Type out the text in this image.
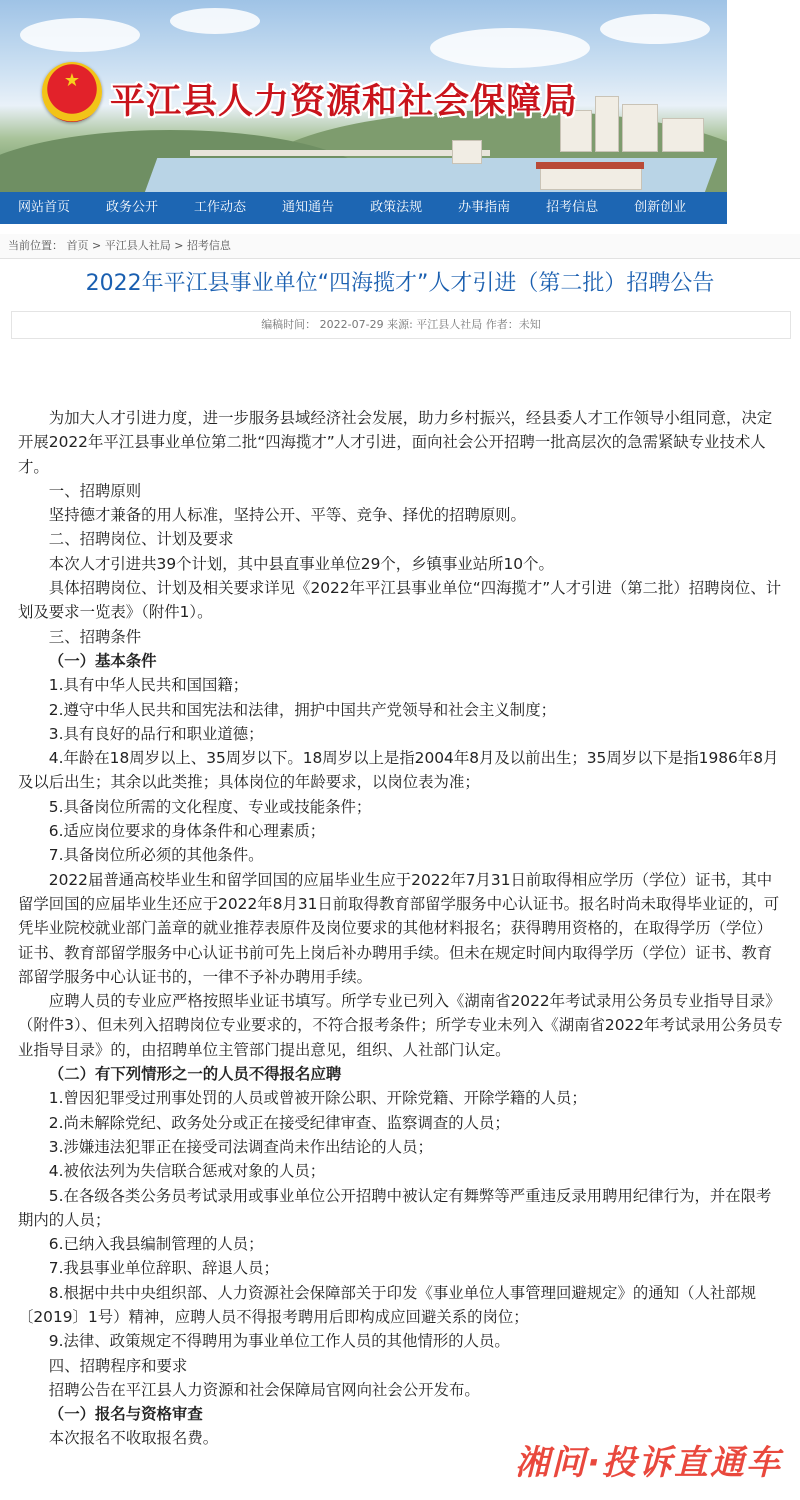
★
平江县人力资源和社会保障局
网站首页	政务公开	工作动态	通知通告	政策法规	办事指南	招考信息	创新创业
当前位置： 首页 > 平江县人社局 > 招考信息
2022年平江县事业单位“四海揽才”人才引进（第二批）招聘公告
编稿时间： 2022-07-29 来源: 平江县人社局 作者：未知

为加大人才引进力度，进一步服务县域经济社会发展，助力乡村振兴，经县委人才工作领导小组同意，决定开展2022年平江县事业单位第二批“四海揽才”人才引进，面向社会公开招聘一批高层次的急需紧缺专业技术人才。

一、招聘原则

坚持德才兼备的用人标准，坚持公开、平等、竞争、择优的招聘原则。

二、招聘岗位、计划及要求

本次人才引进共39个计划，其中县直事业单位29个，乡镇事业站所10个。

具体招聘岗位、计划及相关要求详见《2022年平江县事业单位“四海揽才”人才引进（第二批）招聘岗位、计划及要求一览表》（附件1）。

三、招聘条件

（一）基本条件

1.具有中华人民共和国国籍；

2.遵守中华人民共和国宪法和法律，拥护中国共产党领导和社会主义制度；

3.具有良好的品行和职业道德；

4.年龄在18周岁以上、35周岁以下。18周岁以上是指2004年8月及以前出生；35周岁以下是指1986年8月及以后出生；其余以此类推；具体岗位的年龄要求，以岗位表为准；

5.具备岗位所需的文化程度、专业或技能条件；

6.适应岗位要求的身体条件和心理素质；

7.具备岗位所必须的其他条件。

2022届普通高校毕业生和留学回国的应届毕业生应于2022年7月31日前取得相应学历（学位）证书，其中留学回国的应届毕业生还应于2022年8月31日前取得教育部留学服务中心认证书。报名时尚未取得毕业证的，可凭毕业院校就业部门盖章的就业推荐表原件及岗位要求的其他材料报名；获得聘用资格的，在取得学历（学位）证书、教育部留学服务中心认证书前可先上岗后补办聘用手续。但未在规定时间内取得学历（学位）证书、教育部留学服务中心认证书的，一律不予补办聘用手续。

应聘人员的专业应严格按照毕业证书填写。所学专业已列入《湖南省2022年考试录用公务员专业指导目录》（附件3）、但未列入招聘岗位专业要求的，不符合报考条件；所学专业未列入《湖南省2022年考试录用公务员专业指导目录》的，由招聘单位主管部门提出意见，组织、人社部门认定。

（二）有下列情形之一的人员不得报名应聘

1.曾因犯罪受过刑事处罚的人员或曾被开除公职、开除党籍、开除学籍的人员；

2.尚未解除党纪、政务处分或正在接受纪律审查、监察调查的人员；

3.涉嫌违法犯罪正在接受司法调查尚未作出结论的人员；

4.被依法列为失信联合惩戒对象的人员；

5.在各级各类公务员考试录用或事业单位公开招聘中被认定有舞弊等严重违反录用聘用纪律行为，并在限考期内的人员；

6.已纳入我县编制管理的人员；

7.我县事业单位辞职、辞退人员；

8.根据中共中央组织部、人力资源社会保障部关于印发《事业单位人事管理回避规定》的通知（人社部规〔2019〕1号）精神，应聘人员不得报考聘用后即构成应回避关系的岗位；

9.法律、政策规定不得聘用为事业单位工作人员的其他情形的人员。

四、招聘程序和要求

招聘公告在平江县人力资源和社会保障局官网向社会公开发布。

（一）报名与资格审查

本次报名不收取报名费。

湘问·投诉直通车
